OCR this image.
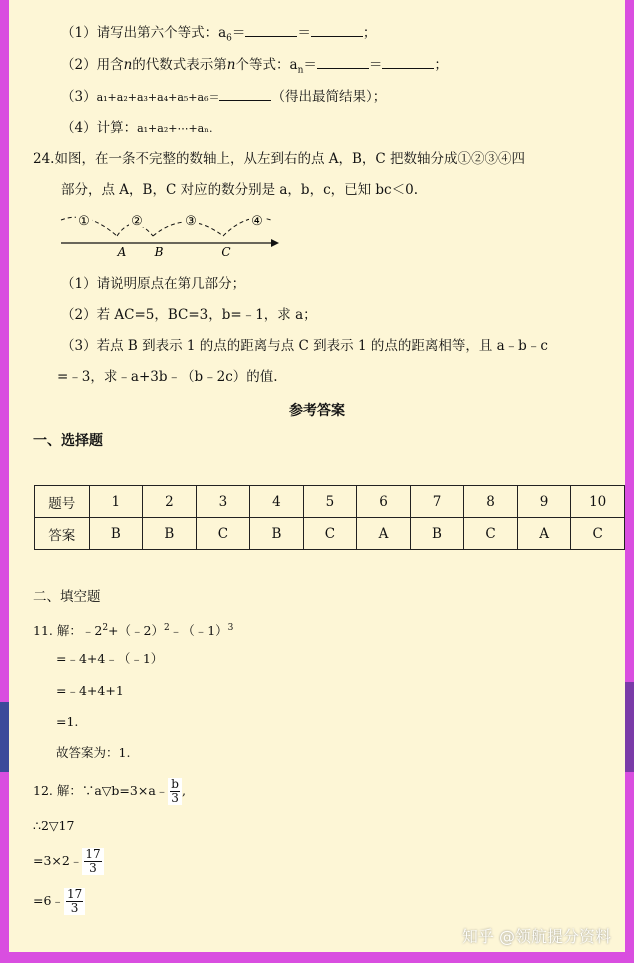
（1）请写出第六个等式：$a_6=$	＝	；
（2）用含n的代数式表示第n个等式：$a_n=$	＝	；
（3）a₁+a₂+a₃+a₄+a₅+a₆＝	（得出最简结果）；
（4）计算：a₁+a₂+⋯+aₙ.
24.如图，在一条不完整的数轴上，从左到右的点 A，B，C 把数轴分成①②③④四
部分，点 A，B，C 对应的数分别是 a，b，c，已知 bc＜0.
①	②	③	④
A B	C
（1）请说明原点在第几部分；
（2）若 AC=5，BC=3，b=﹣1，求 a；
（3）若点 B 到表示 1 的点的距离与点 C 到表示 1 的点的距离相等，且 a﹣b﹣c
=﹣3，求﹣a+3b﹣（b﹣2c）的值.
参考答案
一、选择题
题号	1	2	3	4	5	6	7	8	9	10
答案	B	B	C	B	C	A	B	C	A	C
二、填空题
11. 解：$﹣2^2+(﹣2)^2﹣(﹣1)^3$
=﹣4+4﹣（﹣1）
=﹣4+4+1
=1.
故答案为：1.
12. 解：∵a▽b=3×a﹣ $\frac{b}{3}$ ,
∴2▽17
=3×2﹣ $\frac{17}{3}$
=6﹣ $\frac{17}{3}$
知乎 @领航提分资料
